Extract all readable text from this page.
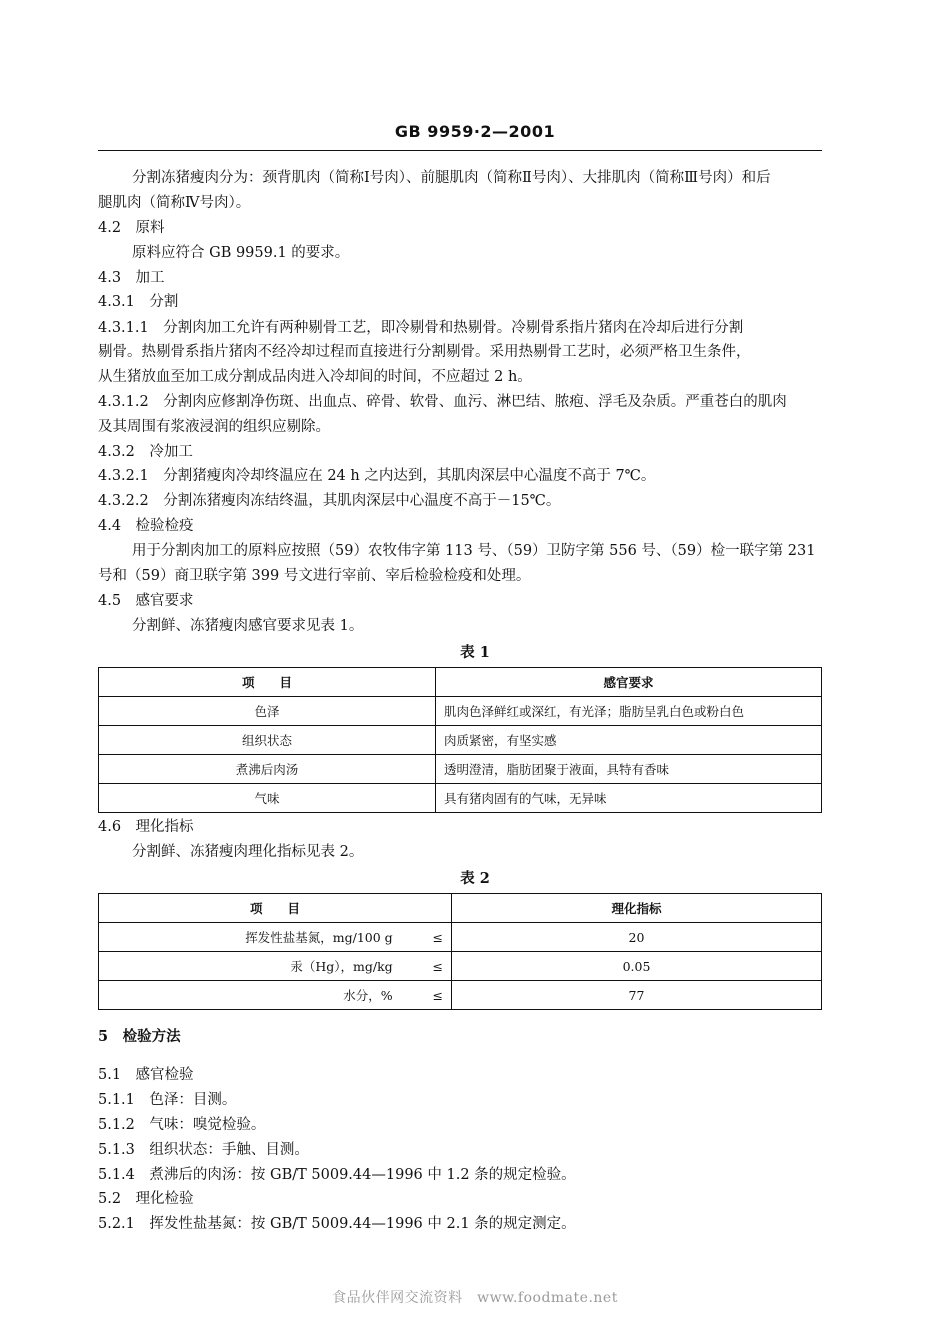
GB 9959·2—2001
分割冻猪瘦肉分为：颈背肌肉（简称Ⅰ号肉）、前腿肌肉（简称Ⅱ号肉）、大排肌肉（简称Ⅲ号肉）和后
腿肌肉（简称Ⅳ号肉）。
4.2　原料
原料应符合 GB 9959.1 的要求。
4.3　加工
4.3.1　分割
4.3.1.1　分割肉加工允许有两种剔骨工艺，即冷剔骨和热剔骨。冷剔骨系指片猪肉在冷却后进行分割
剔骨。热剔骨系指片猪肉不经冷却过程而直接进行分割剔骨。采用热剔骨工艺时，必须严格卫生条件，
从生猪放血至加工成分割成品肉进入冷却间的时间，不应超过 2 h。
4.3.1.2　分割肉应修割净伤斑、出血点、碎骨、软骨、血污、淋巴结、脓疱、浮毛及杂质。严重苍白的肌肉
及其周围有浆液浸润的组织应剔除。
4.3.2　冷加工
4.3.2.1　分割猪瘦肉冷却终温应在 24 h 之内达到，其肌肉深层中心温度不高于 7℃。
4.3.2.2　分割冻猪瘦肉冻结终温，其肌肉深层中心温度不高于－15℃。
4.4　检验检疫
用于分割肉加工的原料应按照（59）农牧伟字第 113 号、（59）卫防字第 556 号、（59）检一联字第 231
号和（59）商卫联字第 399 号文进行宰前、宰后检验检疫和处理。
4.5　感官要求
分割鲜、冻猪瘦肉感官要求见表 1。
表 1
项　　目	感官要求
色泽	肌肉色泽鲜红或深红，有光泽；脂肪呈乳白色或粉白色
组织状态	肉质紧密，有坚实感
煮沸后肉汤	透明澄清，脂肪团聚于液面，具特有香味
气味	具有猪肉固有的气味，无异味
4.6　理化指标
分割鲜、冻猪瘦肉理化指标见表 2。
表 2
项　　目		理化指标
挥发性盐基氮，mg/100 g	≤	20
汞（Hg），mg/kg	≤	0.05
水分，%	≤	77
5　检验方法
5.1　感官检验
5.1.1　色泽：目测。
5.1.2　气味：嗅觉检验。
5.1.3　组织状态：手触、目测。
5.1.4　煮沸后的肉汤：按 GB/T 5009.44—1996 中 1.2 条的规定检验。
5.2　理化检验
5.2.1　挥发性盐基氮：按 GB/T 5009.44—1996 中 2.1 条的规定测定。
食品伙伴网交流资料　www.foodmate.net
